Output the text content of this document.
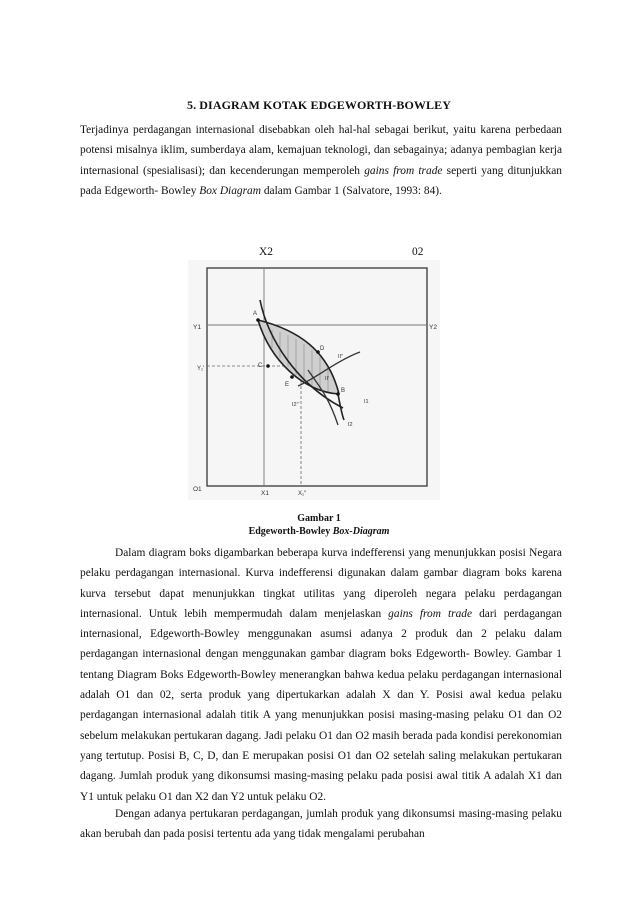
5. DIAGRAM KOTAK EDGEWORTH-BOWLEY

Terjadinya perdagangan internasional disebabkan oleh hal-hal sebagai berikut, yaitu karena perbedaan potensi misalnya iklim, sumberdaya alam, kemajuan teknologi, dan sebagainya; adanya pembagian kerja internasional (spesialisasi); dan kecenderungan memperoleh gains from trade seperti yang ditunjukkan pada Edgeworth- Bowley Box Diagram dalam Gambar 1 (Salvatore, 1993: 84).

X2	02
Y1	Y2
O1
X1
Y₁′
X₁′′
A
C
D
E
B
II′′
I2′′	I1
I2
II′
Gambar 1
Edgeworth-Bowley Box-Diagram

Dalam diagram boks digambarkan beberapa kurva indefferensi yang menunjukkan posisi Negara pelaku perdagangan internasional. Kurva indefferensi digunakan dalam gambar diagram boks karena kurva tersebut dapat menunjukkan tingkat utilitas yang diperoleh negara pelaku perdagangan internasional. Untuk lebih mempermudah dalam menjelaskan gains from trade dari perdagangan internasional, Edgeworth-Bowley menggunakan asumsi adanya 2 produk dan 2 pelaku dalam perdagangan internasional dengan menggunakan gambar diagram boks Edgeworth- Bowley. Gambar 1 tentang Diagram Boks Edgeworth-Bowley menerangkan bahwa kedua pelaku perdagangan internasional adalah O1 dan 02, serta produk yang dipertukarkan adalah X dan Y. Posisi awal kedua pelaku perdagangan internasional adalah titik A yang menunjukkan posisi masing-masing pelaku O1 dan O2 sebelum melakukan pertukaran dagang. Jadi pelaku O1 dan O2 masih berada pada kondisi perekonomian yang tertutup. Posisi B, C, D, dan E merupakan posisi O1 dan O2 setelah saling melakukan pertukaran dagang. Jumlah produk yang dikonsumsi masing-masing pelaku pada posisi awal titik A adalah X1 dan Y1 untuk pelaku O1 dan X2 dan Y2 untuk pelaku O2.

Dengan adanya pertukaran perdagangan, jumlah produk yang dikonsumsi masing-masing pelaku akan berubah dan pada posisi tertentu ada yang tidak mengalami perubahan
